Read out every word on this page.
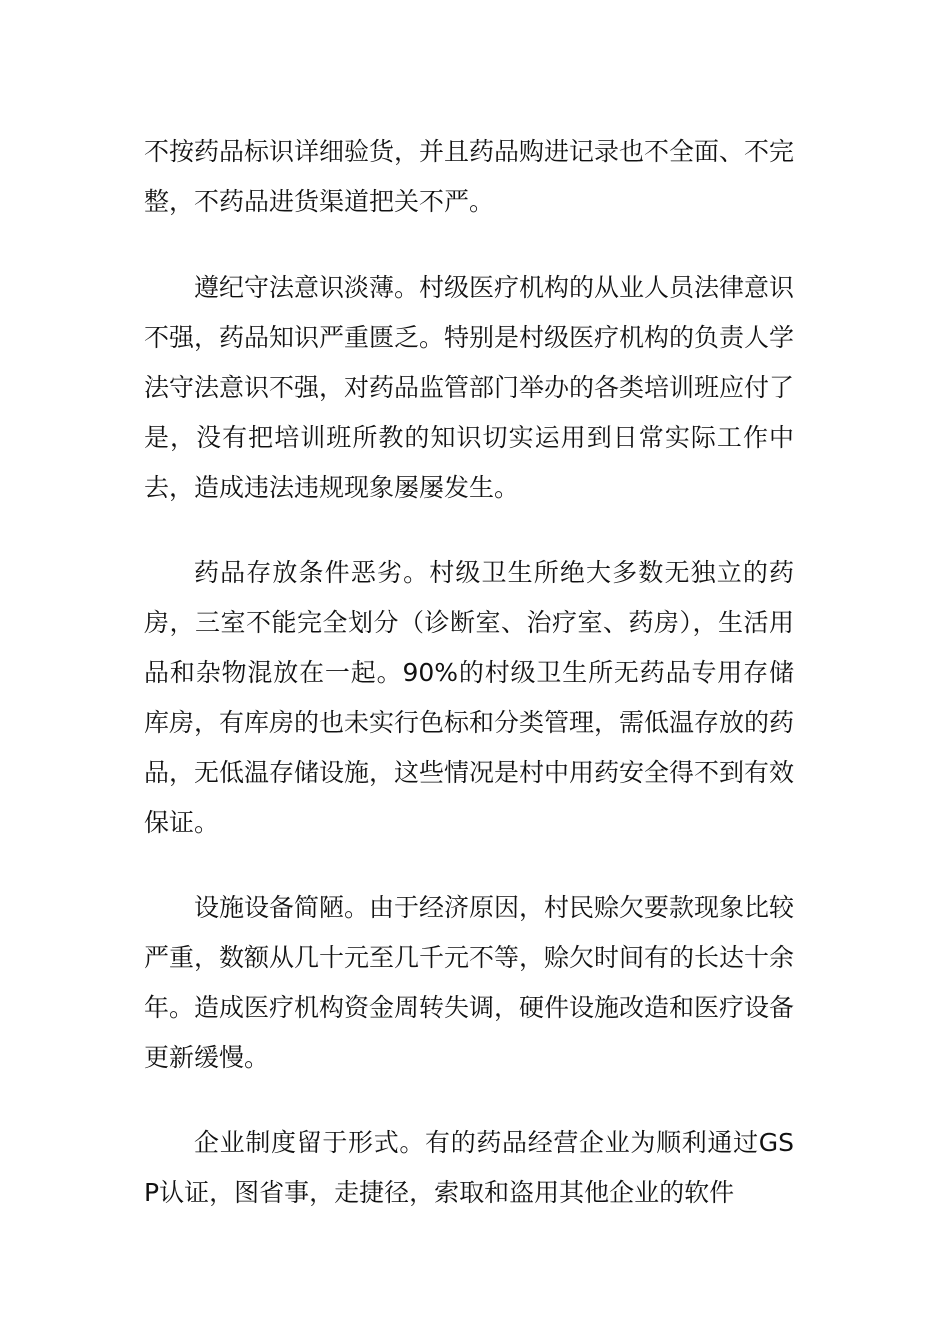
不按药品标识详细验货，并且药品购进记录也不全面、不完整，不药品进货渠道把关不严。

遵纪守法意识淡薄。村级医疗机构的从业人员法律意识不强，药品知识严重匮乏。特别是村级医疗机构的负责人学法守法意识不强，对药品监管部门举办的各类培训班应付了是，没有把培训班所教的知识切实运用到日常实际工作中去，造成违法违规现象屡屡发生。

药品存放条件恶劣。村级卫生所绝大多数无独立的药房，三室不能完全划分（诊断室、治疗室、药房），生活用品和杂物混放在一起。90%的村级卫生所无药品专用存储库房，有库房的也未实行色标和分类管理，需低温存放的药品，无低温存储设施，这些情况是村中用药安全得不到有效保证。

设施设备简陋。由于经济原因，村民赊欠要款现象比较严重，数额从几十元至几千元不等，赊欠时间有的长达十余年。造成医疗机构资金周转失调，硬件设施改造和医疗设备更新缓慢。

企业制度留于形式。有的药品经营企业为顺利通过GSP认证，图省事，走捷径，索取和盗用其他企业的软件
